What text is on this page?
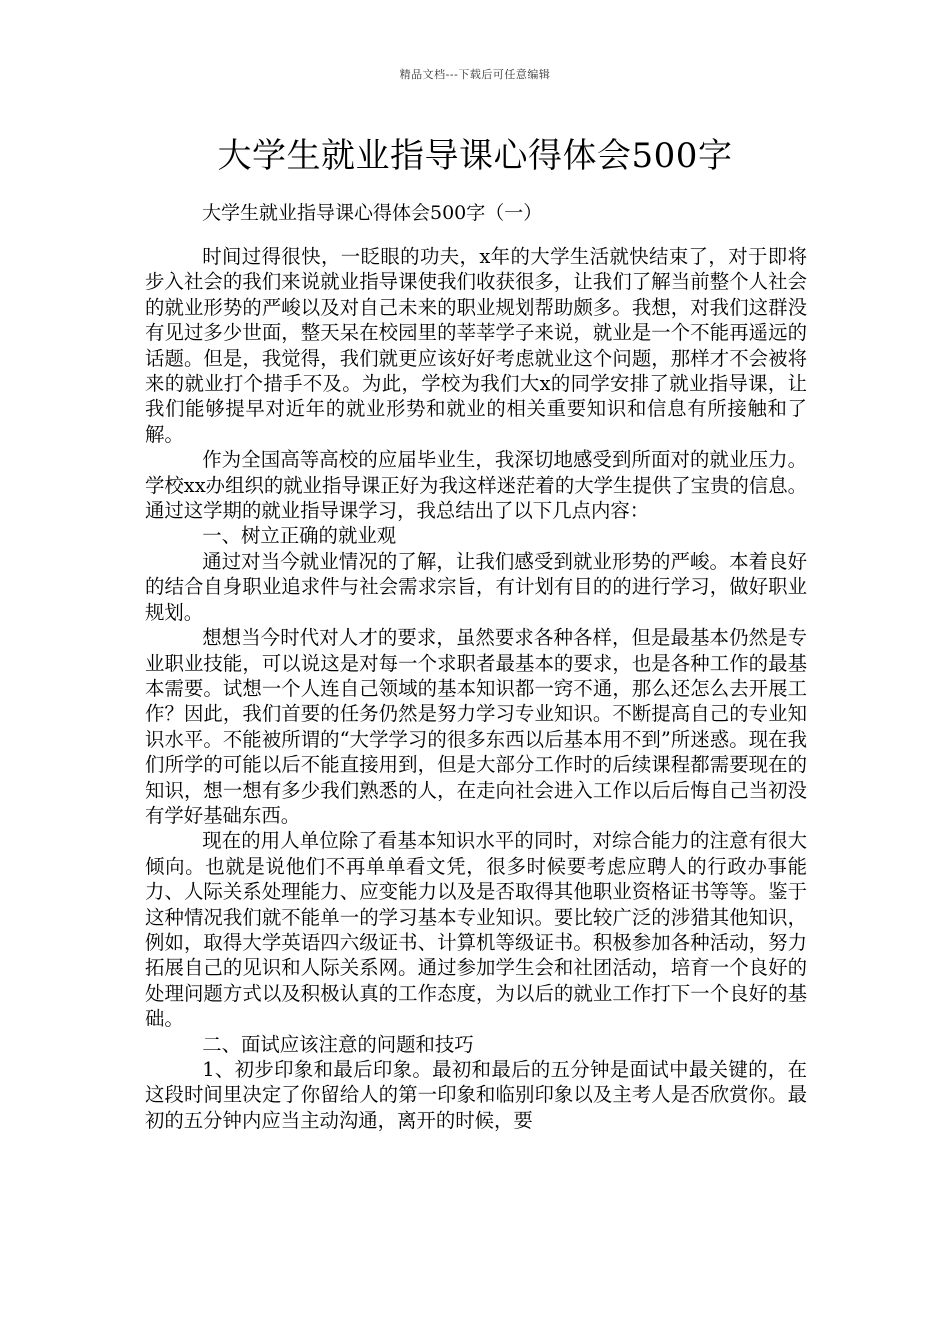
精品文档---下载后可任意编辑
大学生就业指导课心得体会500字

大学生就业指导课心得体会500字（一）

时间过得很快，一眨眼的功夫，x年的大学生活就快结束了，对于即将步入社会的我们来说就业指导课使我们收获很多，让我们了解当前整个人社会的就业形势的严峻以及对自己未来的职业规划帮助颇多。我想，对我们这群没有见过多少世面，整天呆在校园里的莘莘学子来说，就业是一个不能再遥远的话题。但是，我觉得，我们就更应该好好考虑就业这个问题，那样才不会被将来的就业打个措手不及。为此，学校为我们大x的同学安排了就业指导课，让我们能够提早对近年的就业形势和就业的相关重要知识和信息有所接触和了解。

作为全国高等高校的应届毕业生，我深切地感受到所面对的就业压力。学校xx办组织的就业指导课正好为我这样迷茫着的大学生提供了宝贵的信息。通过这学期的就业指导课学习，我总结出了以下几点内容：

一、树立正确的就业观

通过对当今就业情况的了解，让我们感受到就业形势的严峻。本着良好的结合自身职业追求件与社会需求宗旨，有计划有目的的进行学习，做好职业规划。

想想当今时代对人才的要求，虽然要求各种各样，但是最基本仍然是专业职业技能，可以说这是对每一个求职者最基本的要求，也是各种工作的最基本需要。试想一个人连自己领域的基本知识都一窍不通，那么还怎么去开展工作？因此，我们首要的任务仍然是努力学习专业知识。不断提高自己的专业知识水平。不能被所谓的“大学学习的很多东西以后基本用不到”所迷惑。现在我们所学的可能以后不能直接用到，但是大部分工作时的后续课程都需要现在的知识，想一想有多少我们熟悉的人，在走向社会进入工作以后后悔自己当初没有学好基础东西。

现在的用人单位除了看基本知识水平的同时，对综合能力的注意有很大倾向。也就是说他们不再单单看文凭，很多时候要考虑应聘人的行政办事能力、人际关系处理能力、应变能力以及是否取得其他职业资格证书等等。鉴于这种情况我们就不能单一的学习基本专业知识。要比较广泛的涉猎其他知识，例如，取得大学英语四六级证书、计算机等级证书。积极参加各种活动，努力拓展自己的见识和人际关系网。通过参加学生会和社团活动，培育一个良好的处理问题方式以及积极认真的工作态度，为以后的就业工作打下一个良好的基础。

二、面试应该注意的问题和技巧

1、初步印象和最后印象。最初和最后的五分钟是面试中最关键的，在这段时间里决定了你留给人的第一印象和临别印象以及主考人是否欣赏你。最初的五分钟内应当主动沟通，离开的时候，要
